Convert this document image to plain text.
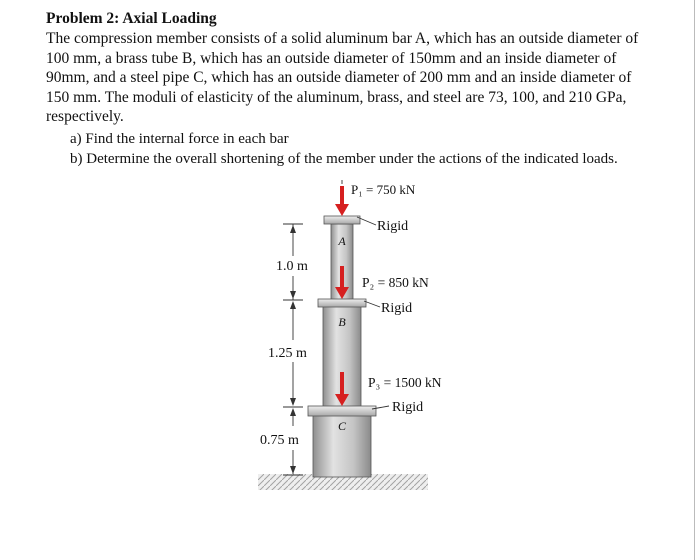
Problem 2: Axial Loading
The compression member consists of a solid aluminum bar A, which has an outside diameter of
100 mm, a brass tube B, which has an outside diameter of 150mm and an inside diameter of
90mm, and a steel pipe C, which has an outside diameter of 200 mm and an inside diameter of
150 mm. The moduli of elasticity of the aluminum, brass, and steel are 73, 100, and 210 GPa,
respectively.
a) Find the internal force in each bar
b) Determine the overall shortening of the member under the actions of the indicated loads.
A
B
C
P₁ = 750 kN
P₂ = 850 kN
P₃ = 1500 kN
Rigid
Rigid
Rigid
1.0 m
1.25 m
0.75 m
